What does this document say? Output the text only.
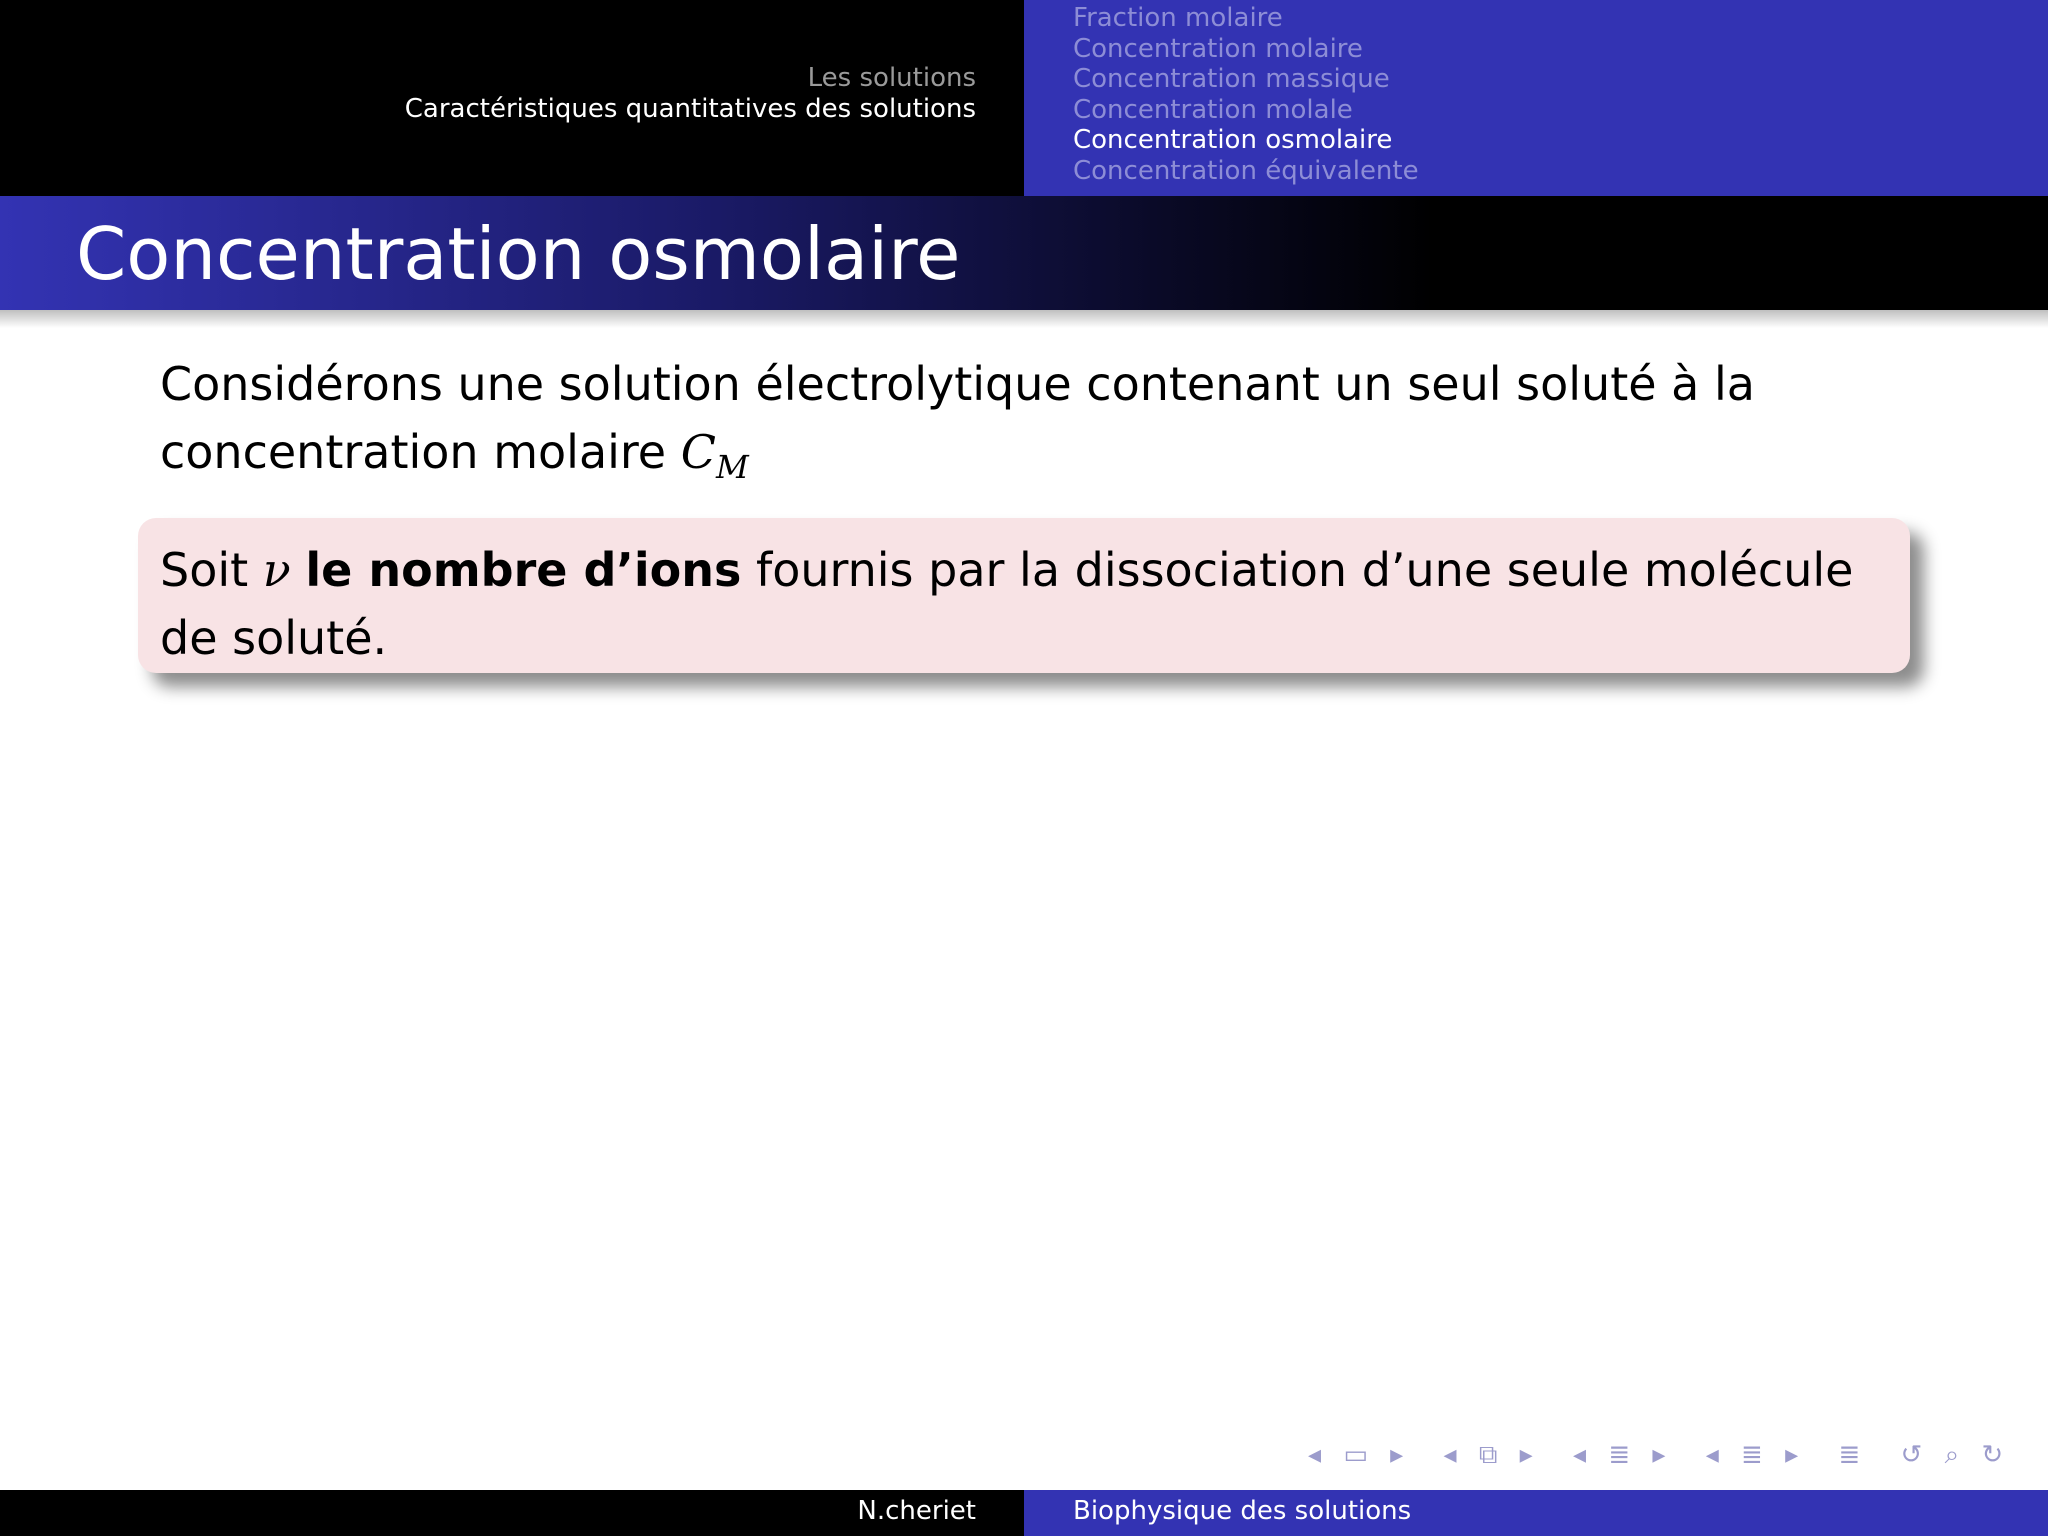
Les solutions
Caractéristiques quantitatives des solutions
Fraction molaire
Concentration molaire
Concentration massique
Concentration molale
Concentration osmolaire
Concentration équivalente
Concentration osmolaire
Considérons une solution électrolytique contenant un seul soluté à la concentration molaire $C_M$
Soit ν le nombre d’ions fournis par la dissociation d’une seule molécule de soluté.
◂ ▭ ▸ ◂ ⧉ ▸ ◂ ≣ ▸ ◂ ≣ ▸ ≣ ↺ ⌕ ↻
N.cheriet	Biophysique des solutions
